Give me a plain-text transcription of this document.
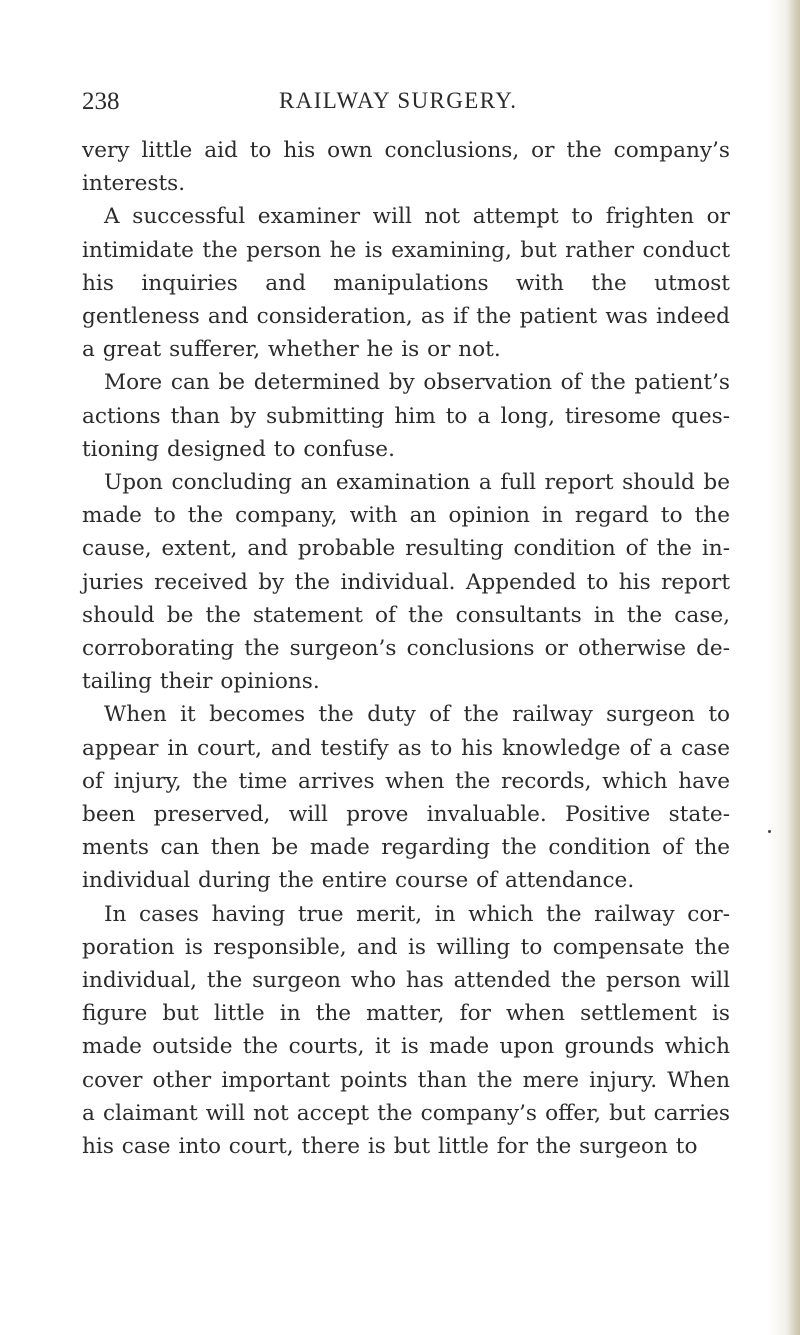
238	RAILWAY SURGERY.

very little aid to his own conclusions, or the company’s interests.

A successful examiner will not attempt to frighten or intimidate the person he is examining, but rather conduct his inquiries and manipulations with the utmost gentleness and consideration, as if the patient was indeed a great sufferer, whether he is or not.

More can be determined by observation of the patient’s actions than by submitting him to a long, tiresome ques- tioning designed to confuse.

Upon concluding an examination a full report should be made to the company, with an opinion in regard to the cause, extent, and probable resulting condition of the in- juries received by the individual. Appended to his report should be the statement of the consultants in the case, corroborating the surgeon’s conclusions or otherwise de- tailing their opinions.

When it becomes the duty of the railway surgeon to appear in court, and testify as to his knowledge of a case of injury, the time arrives when the records, which have been preserved, will prove invaluable. Positive state- ments can then be made regarding the condition of the individual during the entire course of attendance.

In cases having true merit, in which the railway cor- poration is responsible, and is willing to compensate the individual, the surgeon who has attended the person will figure but little in the matter, for when settlement is made outside the courts, it is made upon grounds which cover other important points than the mere injury. When a claimant will not accept the company’s offer, but carries his case into court, there is but little for the surgeon to
